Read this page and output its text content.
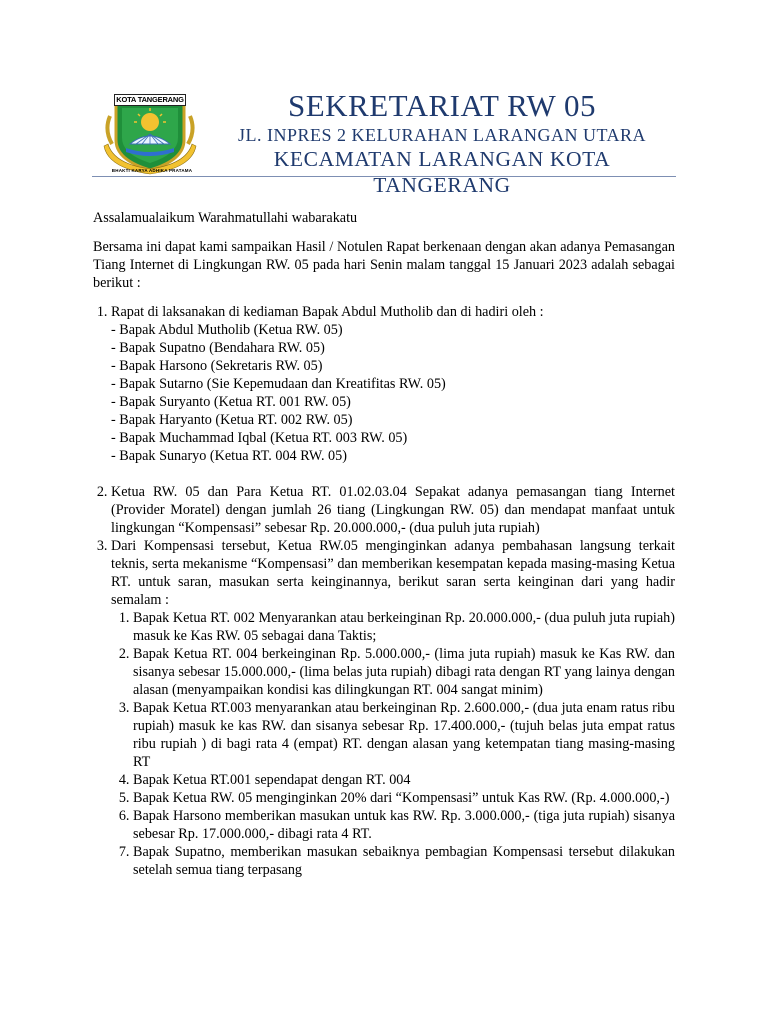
KOTA TANGERANG
BHAKTI KARYA ADHIKA PRATAMA
SEKRETARIAT RW 05
JL. INPRES 2 KELURAHAN LARANGAN UTARA
KECAMATAN LARANGAN KOTA TANGERANG

Assalamualaikum Warahmatullahi wabarakatu

Bersama ini dapat kami sampaikan Hasil / Notulen Rapat berkenaan dengan akan adanya Pemasangan Tiang Internet di Lingkungan RW. 05 pada hari Senin malam tanggal 15 Januari 2023 adalah sebagai berikut :

1. Rapat di laksanakan di kediaman Bapak Abdul Mutholib dan di hadiri oleh :
- Bapak Abdul Mutholib (Ketua RW. 05)
- Bapak Supatno (Bendahara RW. 05)
- Bapak Harsono (Sekretaris RW. 05)
- Bapak Sutarno (Sie Kepemudaan dan Kreatifitas RW. 05)
- Bapak Suryanto (Ketua RT. 001 RW. 05)
- Bapak Haryanto (Ketua RT. 002 RW. 05)
- Bapak Muchammad Iqbal (Ketua RT. 003 RW. 05)
- Bapak Sunaryo (Ketua RT. 004 RW. 05)
2. Ketua RW. 05 dan Para Ketua RT. 01.02.03.04 Sepakat adanya pemasangan tiang Internet (Provider Moratel) dengan jumlah 26 tiang (Lingkungan RW. 05) dan mendapat manfaat untuk lingkungan “Kompensasi” sebesar Rp. 20.000.000,- (dua puluh juta rupiah)
3. Dari Kompensasi tersebut, Ketua RW.05 menginginkan adanya pembahasan langsung terkait teknis, serta mekanisme “Kompensasi” dan memberikan kesempatan kepada masing-masing Ketua RT. untuk saran, masukan serta keinginannya, berikut saran serta keinginan dari yang hadir semalam :
1. Bapak Ketua RT. 002 Menyarankan atau berkeinginan Rp. 20.000.000,- (dua puluh juta rupiah) masuk ke Kas RW. 05 sebagai dana Taktis;
2. Bapak Ketua RT. 004 berkeinginan Rp. 5.000.000,- (lima juta rupiah) masuk ke Kas RW. dan sisanya sebesar 15.000.000,- (lima belas juta rupiah) dibagi rata dengan RT yang lainya dengan alasan (menyampaikan kondisi kas dilingkungan RT. 004 sangat minim)
3. Bapak Ketua RT.003 menyarankan atau berkeinginan Rp. 2.600.000,- (dua juta enam ratus ribu rupiah) masuk ke kas RW. dan sisanya sebesar Rp. 17.400.000,- (tujuh belas juta empat ratus ribu rupiah ) di bagi rata 4 (empat) RT. dengan alasan yang ketempatan tiang masing-masing RT
4. Bapak Ketua RT.001 sependapat dengan RT. 004
5. Bapak Ketua RW. 05 menginginkan 20% dari “Kompensasi” untuk Kas RW. (Rp. 4.000.000,-)
6. Bapak Harsono memberikan masukan untuk kas RW. Rp. 3.000.000,- (tiga juta rupiah) sisanya sebesar Rp. 17.000.000,- dibagi rata 4 RT.
7. Bapak Supatno, memberikan masukan sebaiknya pembagian Kompensasi tersebut dilakukan setelah semua tiang terpasang
